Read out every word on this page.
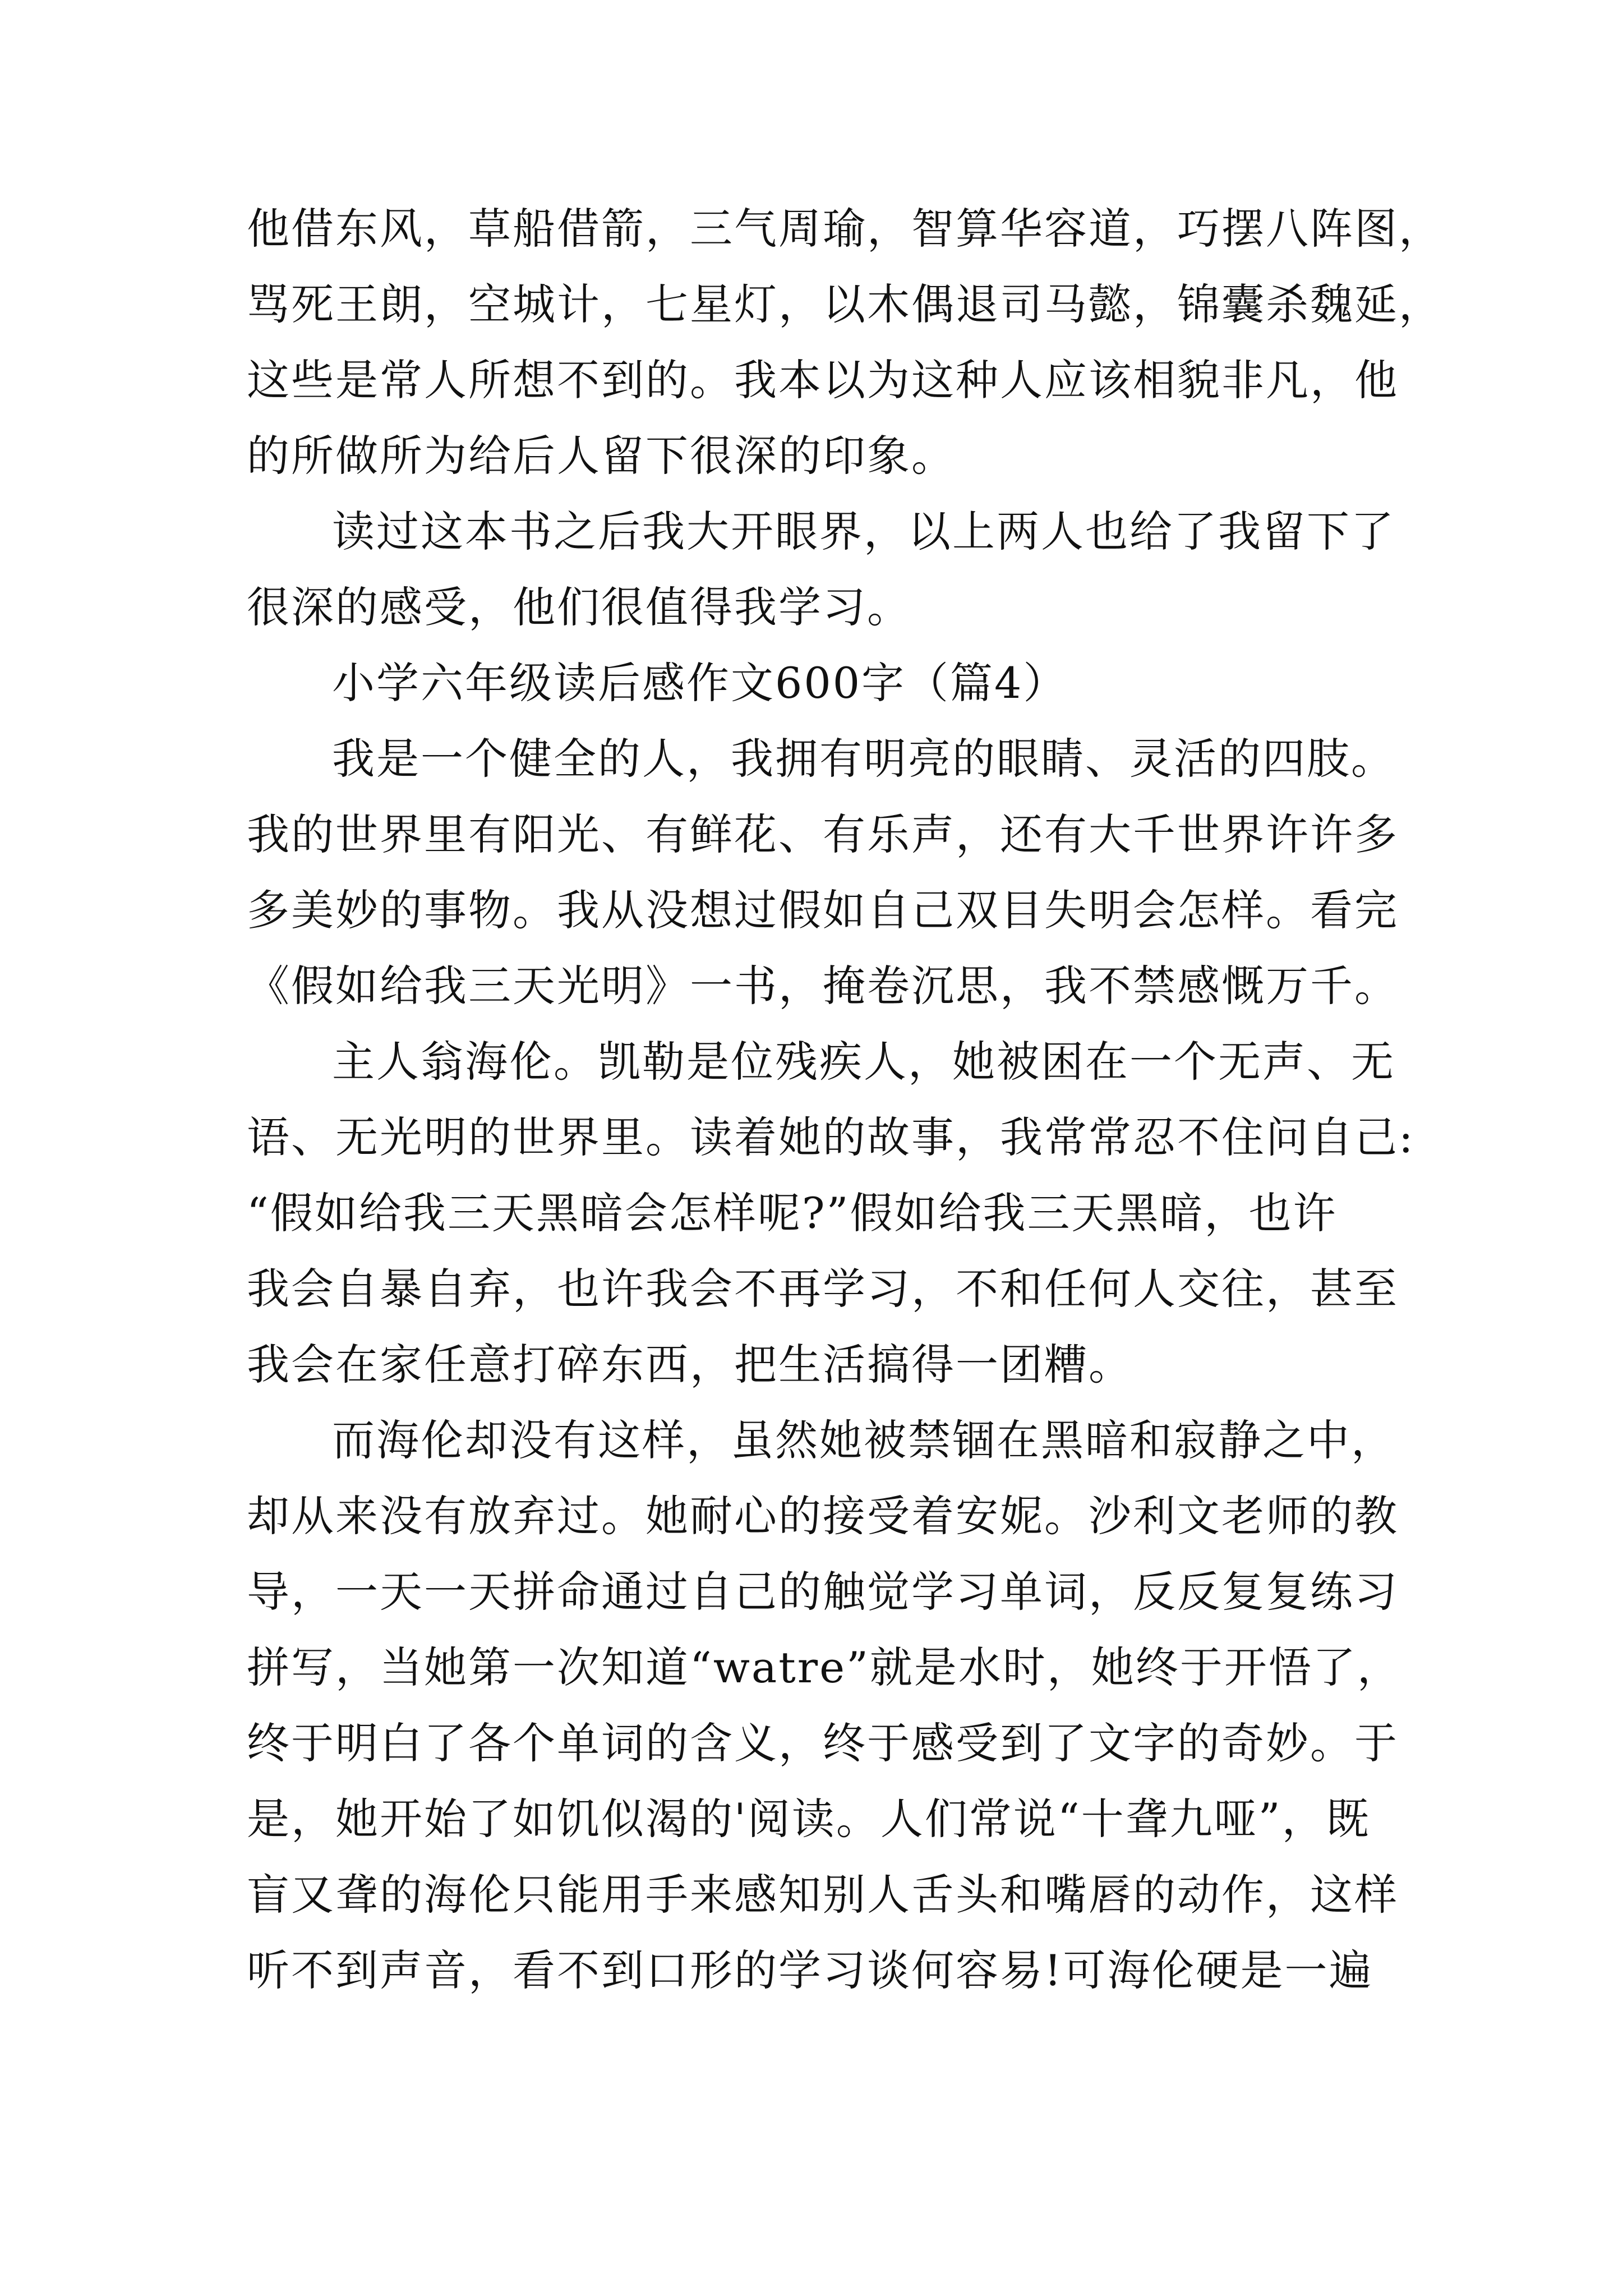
他借东风，草船借箭，三气周瑜，智算华容道，巧摆八阵图，
骂死王朗，空城计，七星灯，以木偶退司马懿，锦囊杀魏延，
这些是常人所想不到的。我本以为这种人应该相貌非凡，他
的所做所为给后人留下很深的印象。
读过这本书之后我大开眼界，以上两人也给了我留下了
很深的感受，他们很值得我学习。
小学六年级读后感作文600字（篇4）
我是一个健全的人，我拥有明亮的眼睛、灵活的四肢。
我的世界里有阳光、有鲜花、有乐声，还有大千世界许许多
多美妙的事物。我从没想过假如自己双目失明会怎样。看完
《假如给我三天光明》一书，掩卷沉思，我不禁感慨万千。
主人翁海伦。凯勒是位残疾人，她被困在一个无声、无
语、无光明的世界里。读着她的故事，我常常忍不住问自己:
“假如给我三天黑暗会怎样呢?”假如给我三天黑暗，也许
我会自暴自弃，也许我会不再学习，不和任何人交往，甚至
我会在家任意打碎东西，把生活搞得一团糟。
而海伦却没有这样，虽然她被禁锢在黑暗和寂静之中，
却从来没有放弃过。她耐心的接受着安妮。沙利文老师的教
导，一天一天拼命通过自己的触觉学习单词，反反复复练习
拼写，当她第一次知道“watre”就是水时，她终于开悟了，
终于明白了各个单词的含义，终于感受到了文字的奇妙。于
是，她开始了如饥似渴的'阅读。人们常说“十聋九哑”，既
盲又聋的海伦只能用手来感知别人舌头和嘴唇的动作，这样
听不到声音，看不到口形的学习谈何容易!可海伦硬是一遍
